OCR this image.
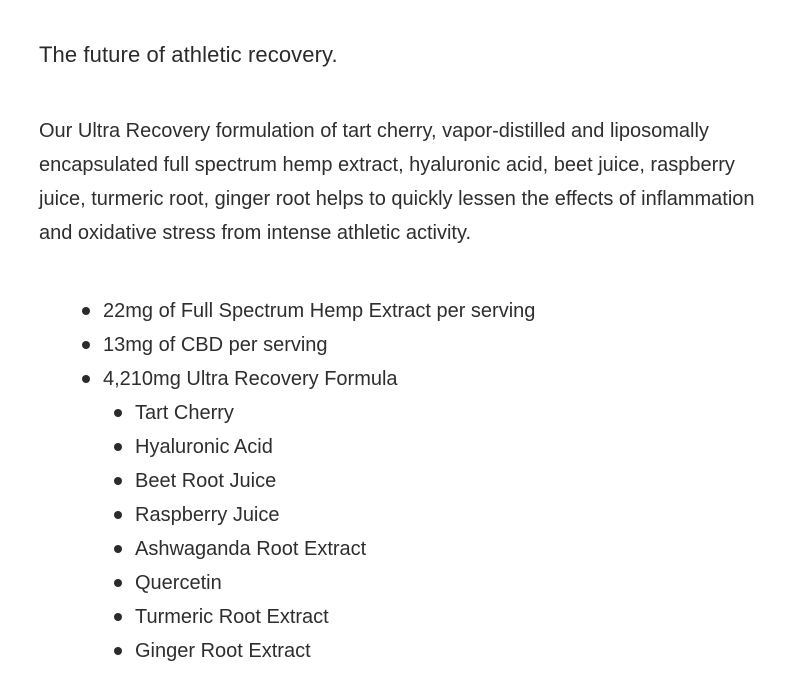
The future of athletic recovery.

Our Ultra Recovery formulation of tart cherry, vapor-distilled and liposomally encapsulated full spectrum hemp extract, hyaluronic acid, beet juice, raspberry juice, turmeric root, ginger root helps to quickly lessen the effects of inflammation and oxidative stress from intense athletic activity.

22mg of Full Spectrum Hemp Extract per serving
13mg of CBD per serving
4,210mg Ultra Recovery Formula
Tart Cherry
Hyaluronic Acid
Beet Root Juice
Raspberry Juice
Ashwaganda Root Extract
Quercetin
Turmeric Root Extract
Ginger Root Extract
